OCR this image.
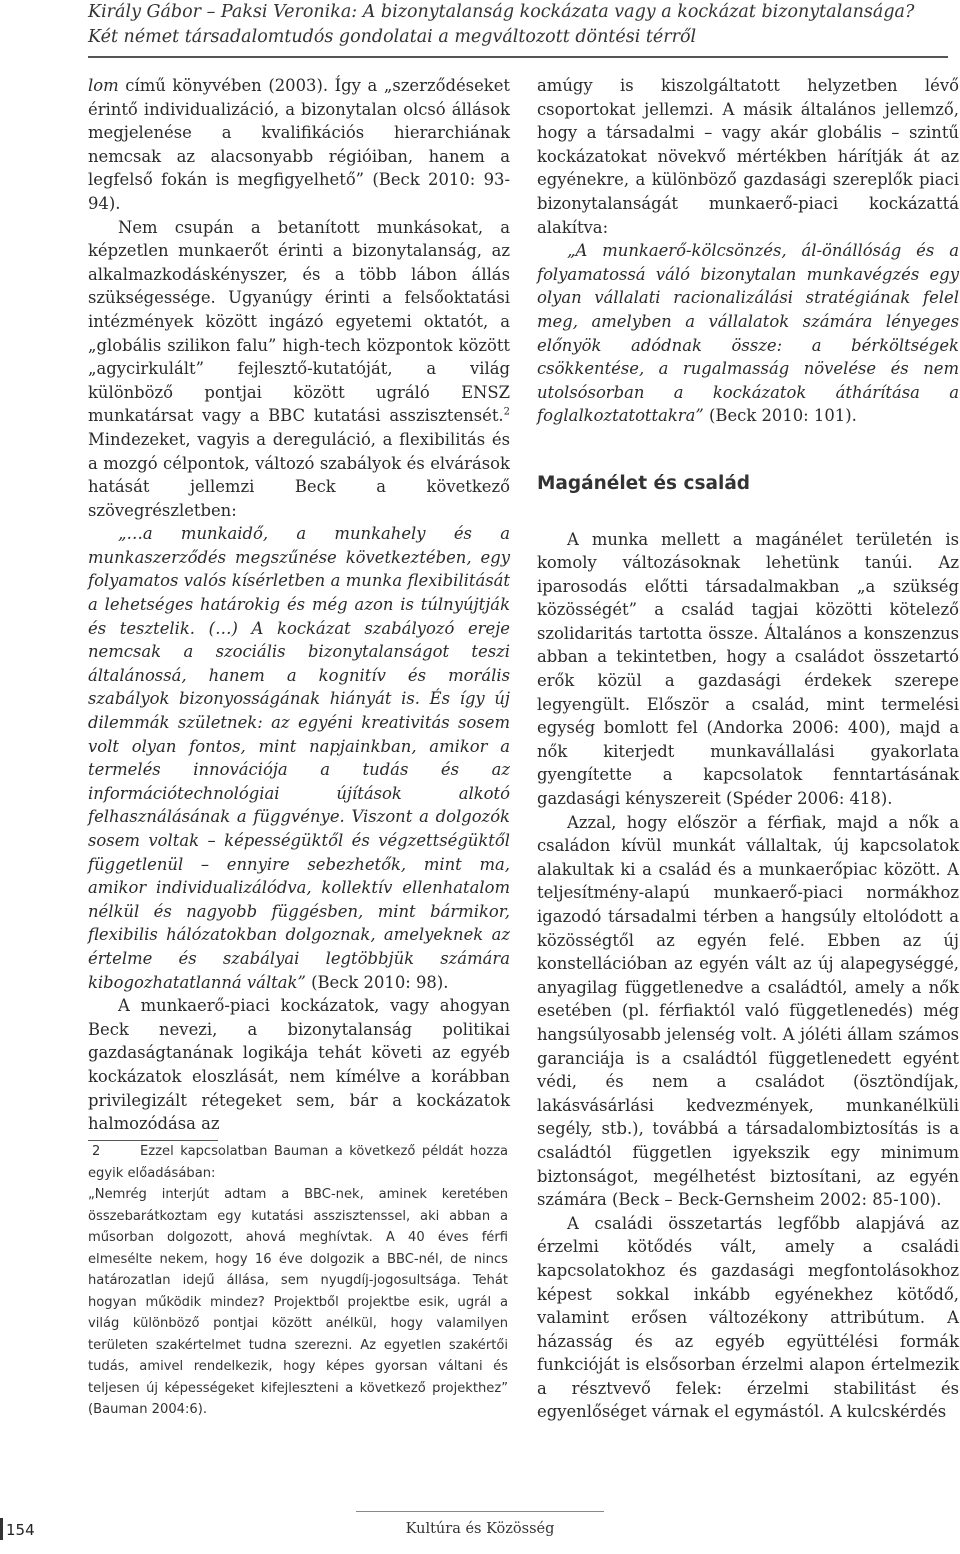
Király Gábor – Paksi Veronika: A bizonytalanság kockázata vagy a kockázat bizonytalansága? Két német társadalomtudós gondolatai a megváltozott döntési térről

lom című könyvében (2003). Így a „szerződéseket érintő individualizáció, a bizonytalan olcsó állások megjelenése a kvalifikációs hierarchiának nemcsak az alacsonyabb régióiban, hanem a legfelső fokán is megfigyelhető” (Beck 2010: 93-94).

Nem csupán a betanított munkásokat, a képzetlen munkaerőt érinti a bizonytalanság, az alkalmazkodáskényszer, és a több lábon állás szükségessége. Ugyanúgy érinti a felsőoktatási intézmények között ingázó egyetemi oktatót, a „globális szilikon falu” high-tech központok között „agycirkulált” fejlesztő-kutatóját, a világ különböző pontjai között ugráló ENSZ munkatársat vagy a BBC kutatási asszisztensét.$^2$ Mindezeket, vagyis a dereguláció, a flexibilitás és a mozgó célpontok, változó szabályok és elvárások hatását jellemzi Beck a következő szövegrészletben:

„…a munkaidő, a munkahely és a munkaszerződés megszűnése következtében, egy folyamatos valós kísérletben a munka flexibilitását a lehetséges határokig és még azon is túlnyújtják és tesztelik. (…) A kockázat szabályozó ereje nemcsak a szociális bizonytalanságot teszi általánossá, hanem a kognitív és morális szabályok bizonyosságának hiányát is. És így új dilemmák születnek: az egyéni kreativitás sosem volt olyan fontos, mint napjainkban, amikor a termelés innovációja a tudás és az információtechnológiai újítások alkotó felhasználásának a függvénye. Viszont a dolgozók sosem voltak – képességüktől és végzettségüktől függetlenül – ennyire sebezhetők, mint ma, amikor individualizálódva, kollektív ellenhatalom nélkül és nagyobb függésben, mint bármikor, flexibilis hálózatokban dolgoznak, amelyeknek az értelme és szabályai legtöbbjük számára kibogozhatatlanná váltak” (Beck 2010: 98).

A munkaerő-piaci kockázatok, vagy ahogyan Beck nevezi, a bizonytalanság politikai gazdaságtanának logikája tehát követi az egyéb kockázatok eloszlását, nem kímélve a korábban privilegizált rétegeket sem, bár a kockázatok halmozódása az

2	Ezzel kapcsolatban Bauman a következő példát hozza egyik előadásában:

„Nemrég interjút adtam a BBC-nek, aminek keretében összebarátkoztam egy kutatási asszisztenssel, aki abban a műsorban dolgozott, ahová meghívtak. A 40 éves férfi elmesélte nekem, hogy 16 éve dolgozik a BBC-nél, de nincs határozatlan idejű állása, sem nyugdíj-jogosultsága. Tehát hogyan működik mindez? Projektből projektbe esik, ugrál a világ különböző pontjai között anélkül, hogy valamilyen területen szakértelmet tudna szerezni. Az egyetlen szakértői tudás, amivel rendelkezik, hogy képes gyorsan váltani és teljesen új képességeket kifejleszteni a következő projekthez” (Bauman 2004:6).

amúgy is kiszolgáltatott helyzetben lévő csoportokat jellemzi. A másik általános jellemző, hogy a társadalmi – vagy akár globális – szintű kockázatokat növekvő mértékben hárítják át az egyénekre, a különböző gazdasági szereplők piaci bizonytalanságát munkaerő-piaci kockázattá alakítva:

„A munkaerő-kölcsönzés, ál-önállóság és a folyamatossá váló bizonytalan munkavégzés egy olyan vállalati racionalizálási stratégiának felel meg, amelyben a vállalatok számára lényeges előnyök adódnak össze: a bérköltségek csökkentése, a rugalmasság növelése és nem utolsósorban a kockázatok áthárítása a foglalkoztatottakra” (Beck 2010: 101).

Magánélet és család

A munka mellett a magánélet területén is komoly változásoknak lehetünk tanúi. Az iparosodás előtti társadalmakban „a szükség közösségét” a család tagjai közötti kötelező szolidaritás tartotta össze. Általános a konszenzus abban a tekintetben, hogy a családot összetartó erők közül a gazdasági érdekek szerepe legyengült. Először a család, mint termelési egység bomlott fel (Andorka 2006: 400), majd a nők kiterjedt munkavállalási gyakorlata gyengítette a kapcsolatok fenntartásának gazdasági kényszereit (Spéder 2006: 418).

Azzal, hogy először a férfiak, majd a nők a családon kívül munkát vállaltak, új kapcsolatok alakultak ki a család és a munkaerőpiac között. A teljesítmény-alapú munkaerő-piaci normákhoz igazodó társadalmi térben a hangsúly eltolódott a közösségtől az egyén felé. Ebben az új konstellációban az egyén vált az új alapegységgé, anyagilag függetlenedve a családtól, amely a nők esetében (pl. férfiaktól való függetlenedés) még hangsúlyosabb jelenség volt. A jóléti állam számos garanciája is a családtól függetlenedett egyént védi, és nem a családot (ösztöndíjak, lakásvásárlási kedvezmények, munkanélküli segély, stb.), továbbá a társadalombiztosítás is a családtól független igyekszik egy minimum biztonságot, megélhetést biztosítani, az egyén számára (Beck – Beck-Gernsheim 2002: 85-100).

A családi összetartás legfőbb alapjává az érzelmi kötődés vált, amely a családi kapcsolatokhoz és gazdasági megfontolásokhoz képest sokkal inkább egyénekhez kötődő, valamint erősen változékony attribútum. A házasság és az egyéb együttélési formák funkcióját is elsősorban érzelmi alapon értelmezik a résztvevő felek: érzelmi stabilitást és egyenlőséget várnak el egymástól. A kulcskérdés

154	Kultúra és Közösség
